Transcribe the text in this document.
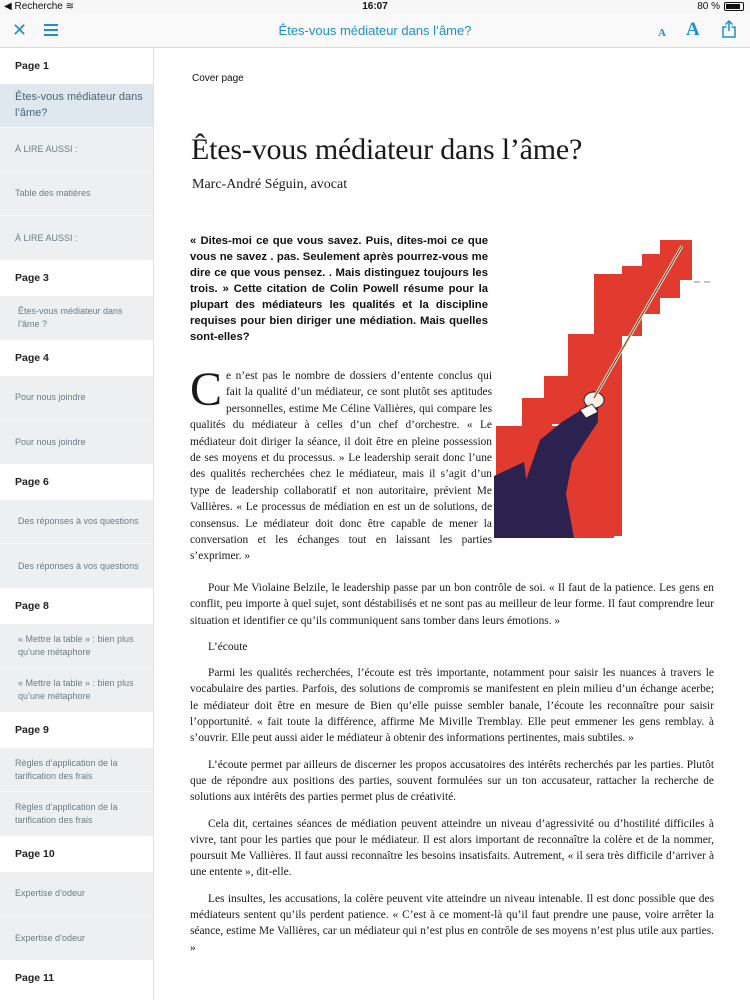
◀ Recherche ≋	16:07	80 %
✕	Êtes-vous médiateur dans l’âme?	A A
Page 1
Êtes-vous médiateur dans l’âme?
À LIRE AUSSI :
Table des matières
À LIRE AUSSI :
Page 3
Êtes-vous médiateur dans l’âme ?
Page 4
Pour nous joindre
Pour nous joindre
Page 6
Des réponses à vos questions
Des réponses à vos questions
Page 8
« Mettre la table » : bien plus qu’une métaphore
« Mettre la table » : bien plus qu’une métaphore
Page 9
Règles d’application de la tarification des frais
Règles d’application de la tarification des frais
Page 10
Expertise d’odeur
Expertise d’odeur
Page 11
Cover page
Êtes-vous médiateur dans l’âme?
Marc-André Séguin, avocat
« Dites-moi ce que vous savez. Puis, dites-moi ce que vous ne savez . pas. Seulement après pourrez-vous me dire ce que vous pensez. . Mais distinguez toujours les trois. » Cette citation de Colin Powell résume pour la plupart des médiateurs les qualités et la discipline requises pour bien diriger une médiation. Mais quelles sont-elles?
Ce n’est pas le nombre de dossiers d’entente conclus qui fait la qualité d’un médiateur, ce sont plutôt ses aptitudes personnelles, estime Me Céline Vallières, qui compare les qualités du médiateur à celles d’un chef d’orchestre. « Le médiateur doit diriger la séance, il doit être en pleine possession de ses moyens et du processus. » Le leadership serait donc l’une des qualités recherchées chez le médiateur, mais il s’agit d’un type de leadership collaboratif et non autoritaire, prévient Me Vallières. « Le processus de médiation en est un de solutions, de consensus. Le médiateur doit donc être capable de mener la conversation et les échanges tout en laissant les parties s’exprimer. »

Pour Me Violaine Belzile, le leadership passe par un bon contrôle de soi. « Il faut de la patience. Les gens en conflit, peu importe à quel sujet, sont déstabilisés et ne sont pas au meilleur de leur forme. Il faut comprendre leur situation et identifier ce qu’ils communiquent sans tomber dans leurs émotions. »

L’écoute

Parmi les qualités recherchées, l’écoute est très importante, notamment pour saisir les nuances à travers le vocabulaire des parties. Parfois, des solutions de compromis se manifestent en plein milieu d’un échange acerbe; le médiateur doit être en mesure de Bien qu’elle puisse sembler banale, l’écoute les reconnaître pour saisir l’opportunité. « fait toute la différence, affirme Me Miville Tremblay. Elle peut emmener les gens remblay. à s’ouvrir. Elle peut aussi aider le médiateur à obtenir des informations pertinentes, mais subtiles. »

L’écoute permet par ailleurs de discerner les propos accusatoires des intérêts recherchés par les parties. Plutôt que de répondre aux positions des parties, souvent formulées sur un ton accusateur, rattacher la recherche de solutions aux intérêts des parties permet plus de créativité.

Cela dit, certaines séances de médiation peuvent atteindre un niveau d’agressivité ou d’hostilité difficiles à vivre, tant pour les parties que pour le médiateur. Il est alors important de reconnaître la colère et de la nommer, poursuit Me Vallières. Il faut aussi reconnaître les besoins insatisfaits. Autrement, « il sera très difficile d’arriver à une entente », dit-elle.

Les insultes, les accusations, la colère peuvent vite atteindre un niveau intenable. Il est donc possible que des médiateurs sentent qu’ils perdent patience. « C’est à ce moment-là qu’il faut prendre une pause, voire arrêter la séance, estime Me Vallières, car un médiateur qui n’est plus en contrôle de ses moyens n’est plus utile aux parties. »
